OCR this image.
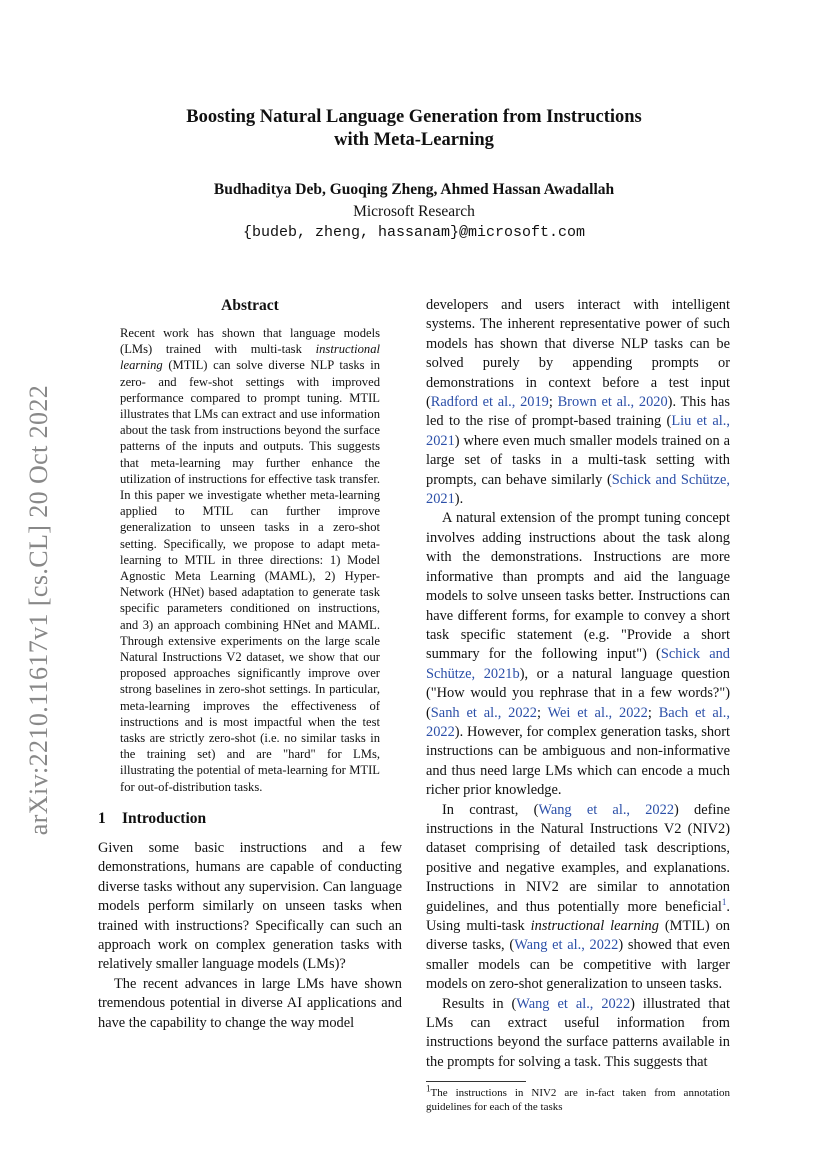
arXiv:2210.11617v1 [cs.CL] 20 Oct 2022
Boosting Natural Language Generation from Instructions
with Meta-Learning
Budhaditya Deb, Guoqing Zheng, Ahmed Hassan Awadallah
Microsoft Research
{budeb, zheng, hassanam}@microsoft.com
Abstract
Recent work has shown that language models (LMs) trained with multi-task instructional learning (MTIL) can solve diverse NLP tasks in zero- and few-shot settings with improved performance compared to prompt tuning. MTIL illustrates that LMs can extract and use information about the task from instructions beyond the surface patterns of the inputs and outputs. This suggests that meta-learning may further enhance the utilization of instructions for effective task transfer. In this paper we investigate whether meta-learning applied to MTIL can further improve generalization to unseen tasks in a zero-shot setting. Specifically, we propose to adapt meta-learning to MTIL in three directions: 1) Model Agnostic Meta Learning (MAML), 2) Hyper-Network (HNet) based adaptation to generate task specific parameters conditioned on instructions, and 3) an approach combining HNet and MAML. Through extensive experiments on the large scale Natural Instructions V2 dataset, we show that our proposed approaches significantly improve over strong baselines in zero-shot settings. In particular, meta-learning improves the effectiveness of instructions and is most impactful when the test tasks are strictly zero-shot (i.e. no similar tasks in the training set) and are "hard" for LMs, illustrating the potential of meta-learning for MTIL for out-of-distribution tasks.
1 Introduction

Given some basic instructions and a few demonstrations, humans are capable of conducting diverse tasks without any supervision. Can language models perform similarly on unseen tasks when trained with instructions? Specifically can such an approach work on complex generation tasks with relatively smaller language models (LMs)?

The recent advances in large LMs have shown tremendous potential in diverse AI applications and have the capability to change the way model

developers and users interact with intelligent systems. The inherent representative power of such models has shown that diverse NLP tasks can be solved purely by appending prompts or demonstrations in context before a test input (Radford et al., 2019; Brown et al., 2020). This has led to the rise of prompt-based training (Liu et al., 2021) where even much smaller models trained on a large set of tasks in a multi-task setting with prompts, can behave similarly (Schick and Schütze, 2021).

A natural extension of the prompt tuning concept involves adding instructions about the task along with the demonstrations. Instructions are more informative than prompts and aid the language models to solve unseen tasks better. Instructions can have different forms, for example to convey a short task specific statement (e.g. "Provide a short summary for the following input") (Schick and Schütze, 2021b), or a natural language question ("How would you rephrase that in a few words?") (Sanh et al., 2022; Wei et al., 2022; Bach et al., 2022). However, for complex generation tasks, short instructions can be ambiguous and non-informative and thus need large LMs which can encode a much richer prior knowledge.

In contrast, (Wang et al., 2022) define instructions in the Natural Instructions V2 (NIV2) dataset comprising of detailed task descriptions, positive and negative examples, and explanations. Instructions in NIV2 are similar to annotation guidelines, and thus potentially more beneficial$^1$. Using multi-task instructional learning (MTIL) on diverse tasks, (Wang et al., 2022) showed that even smaller models can be competitive with larger models on zero-shot generalization to unseen tasks.

Results in (Wang et al., 2022) illustrated that LMs can extract useful information from instructions beyond the surface patterns available in the prompts for solving a task. This suggests that

$^1$The instructions in NIV2 are in-fact taken from annotation guidelines for each of the tasks
